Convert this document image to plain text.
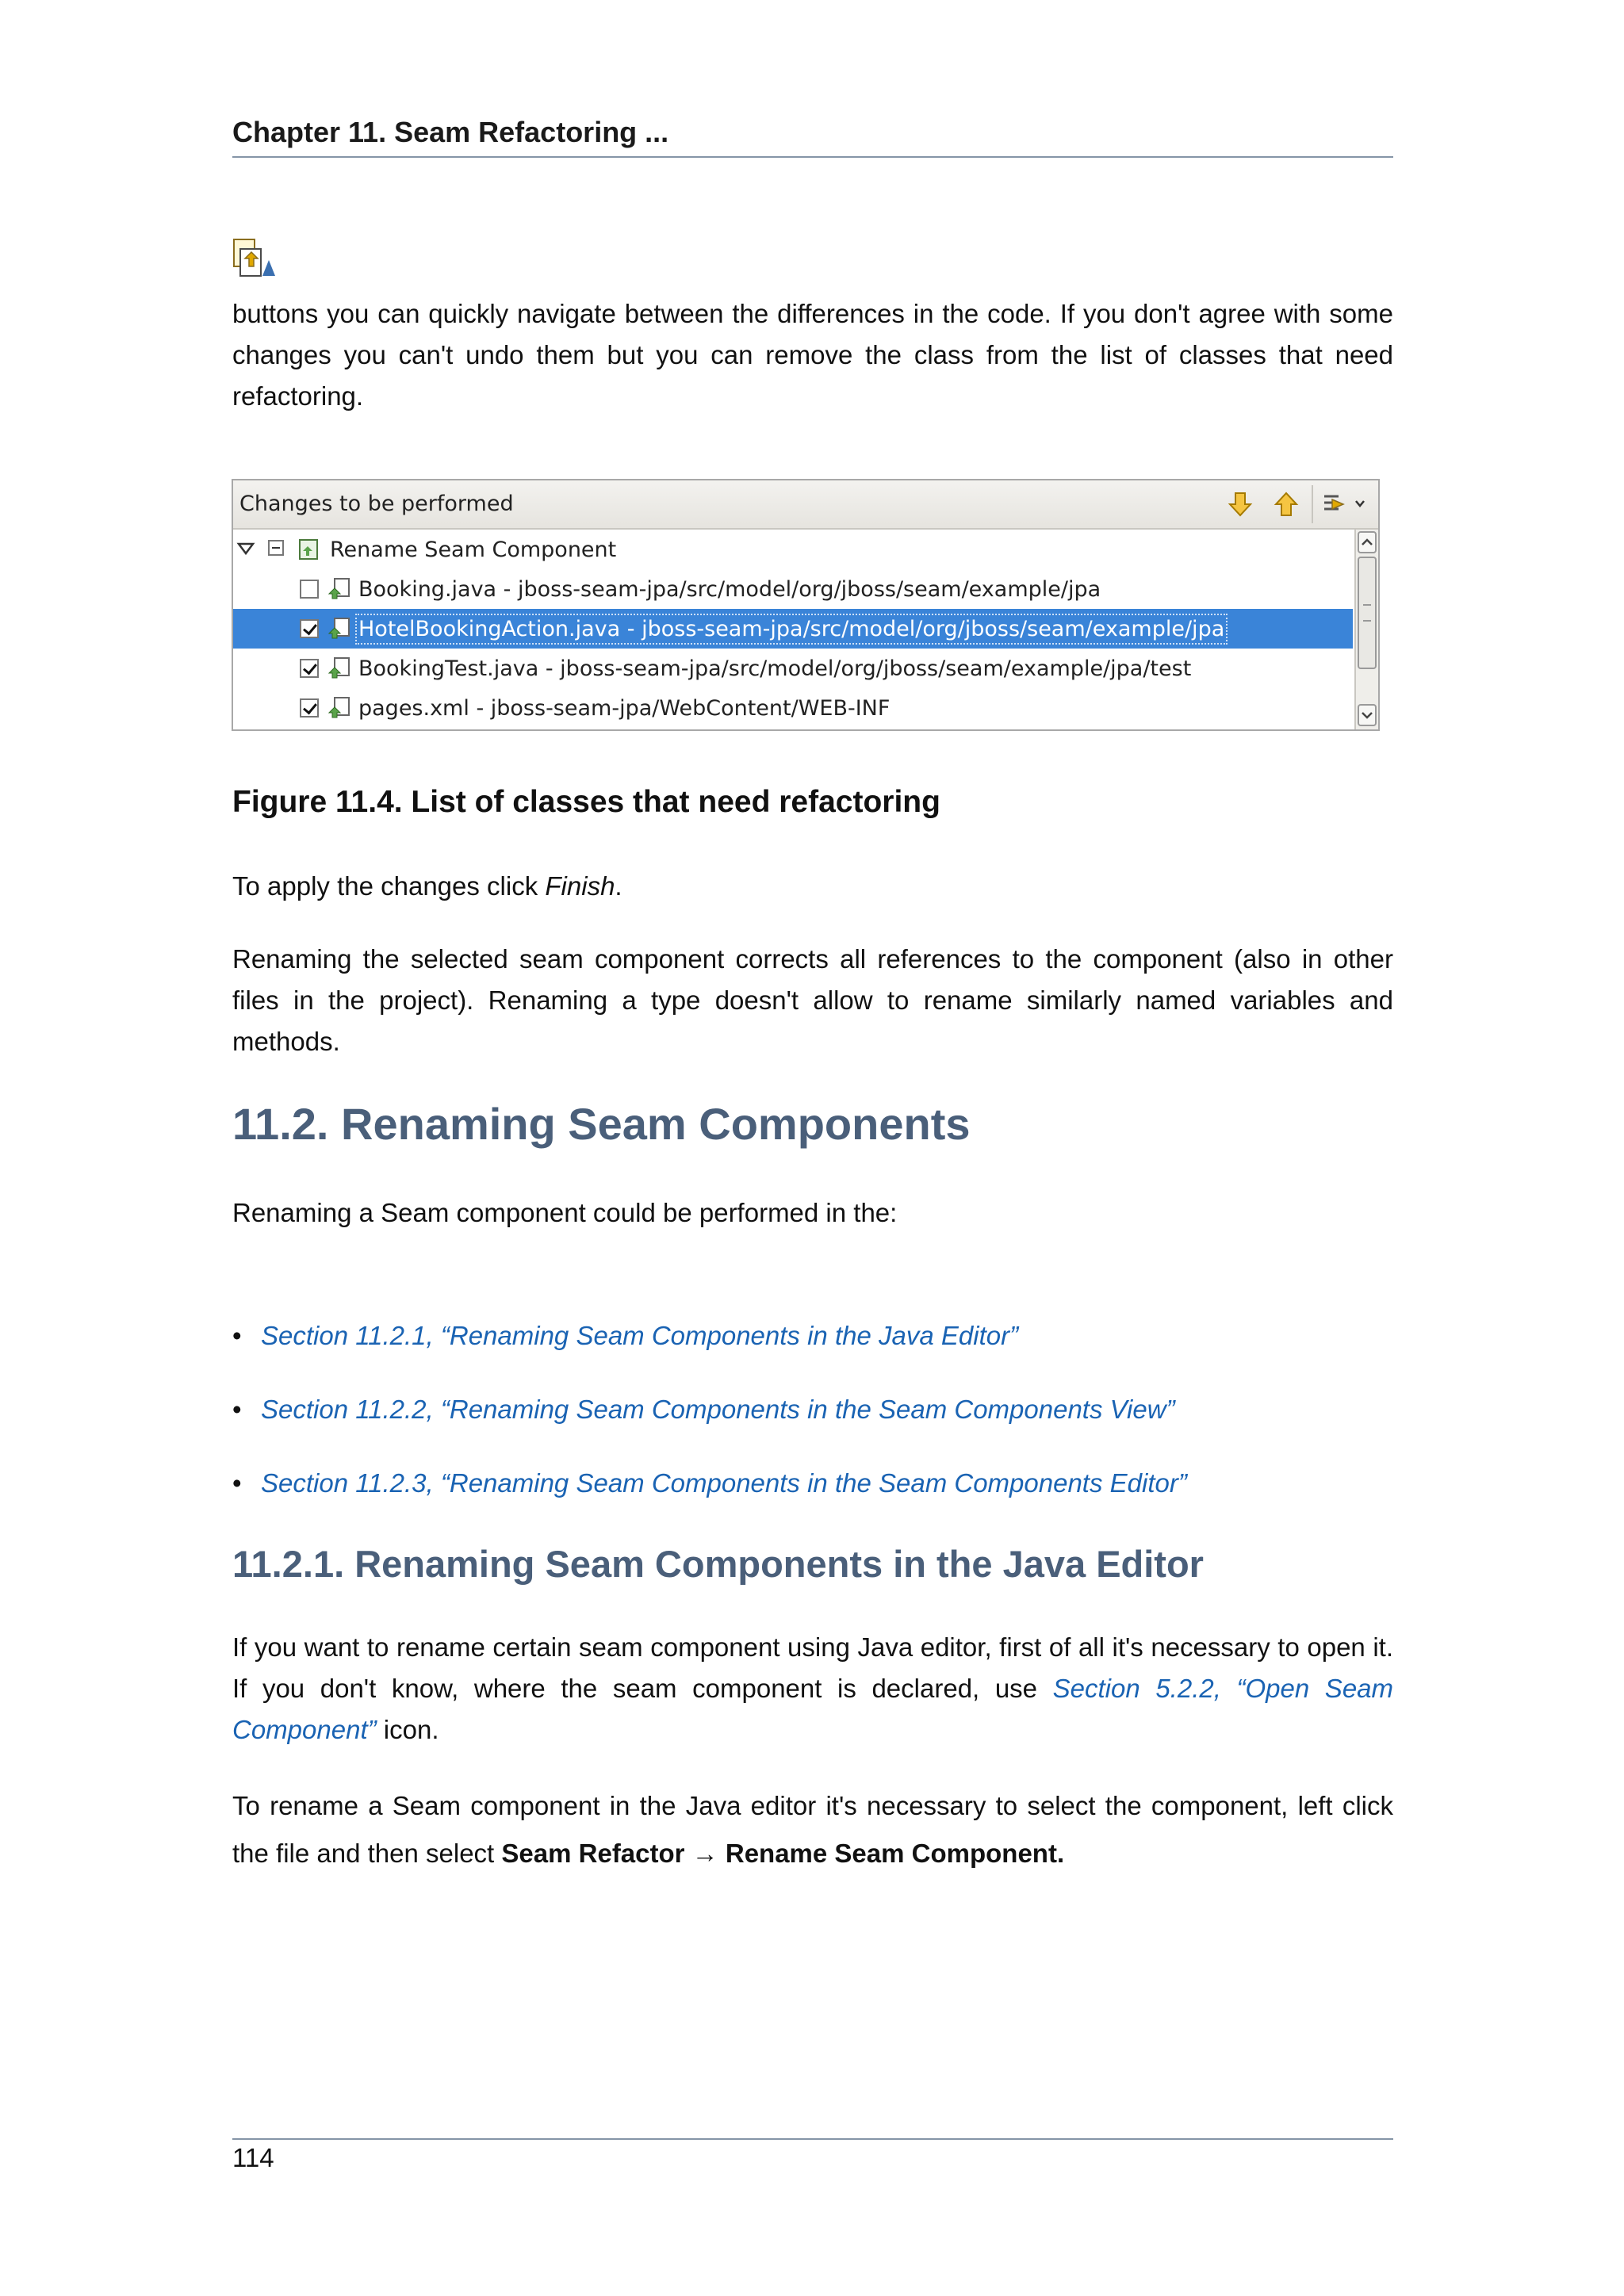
Chapter 11. Seam Refactoring ...
buttons you can quickly navigate between the differences in the code. If you don't agree with some changes you can't undo them but you can remove the class from the list of classes that need refactoring.
Changes to be performed
Rename Seam Component
Booking.java - jboss-seam-jpa/src/model/org/jboss/seam/example/jpa
HotelBookingAction.java - jboss-seam-jpa/src/model/org/jboss/seam/example/jpa
BookingTest.java - jboss-seam-jpa/src/model/org/jboss/seam/example/jpa/test
pages.xml - jboss-seam-jpa/WebContent/WEB-INF
Figure 11.4. List of classes that need refactoring
To apply the changes click Finish.
Renaming the selected seam component corrects all references to the component (also in other files in the project). Renaming a type doesn't allow to rename similarly named variables and methods.
11.2. Renaming Seam Components
Renaming a Seam component could be performed in the:
• Section 11.2.1, “Renaming Seam Components in the Java Editor”
• Section 11.2.2, “Renaming Seam Components in the Seam Components View”
• Section 11.2.3, “Renaming Seam Components in the Seam Components Editor”
11.2.1. Renaming Seam Components in the Java Editor
If you want to rename certain seam component using Java editor, first of all it's necessary to open it. If you don't know, where the seam component is declared, use Section 5.2.2, “Open Seam Component” icon.
To rename a Seam component in the Java editor it's necessary to select the component, left click the file and then select Seam Refactor → Rename Seam Component.
114
